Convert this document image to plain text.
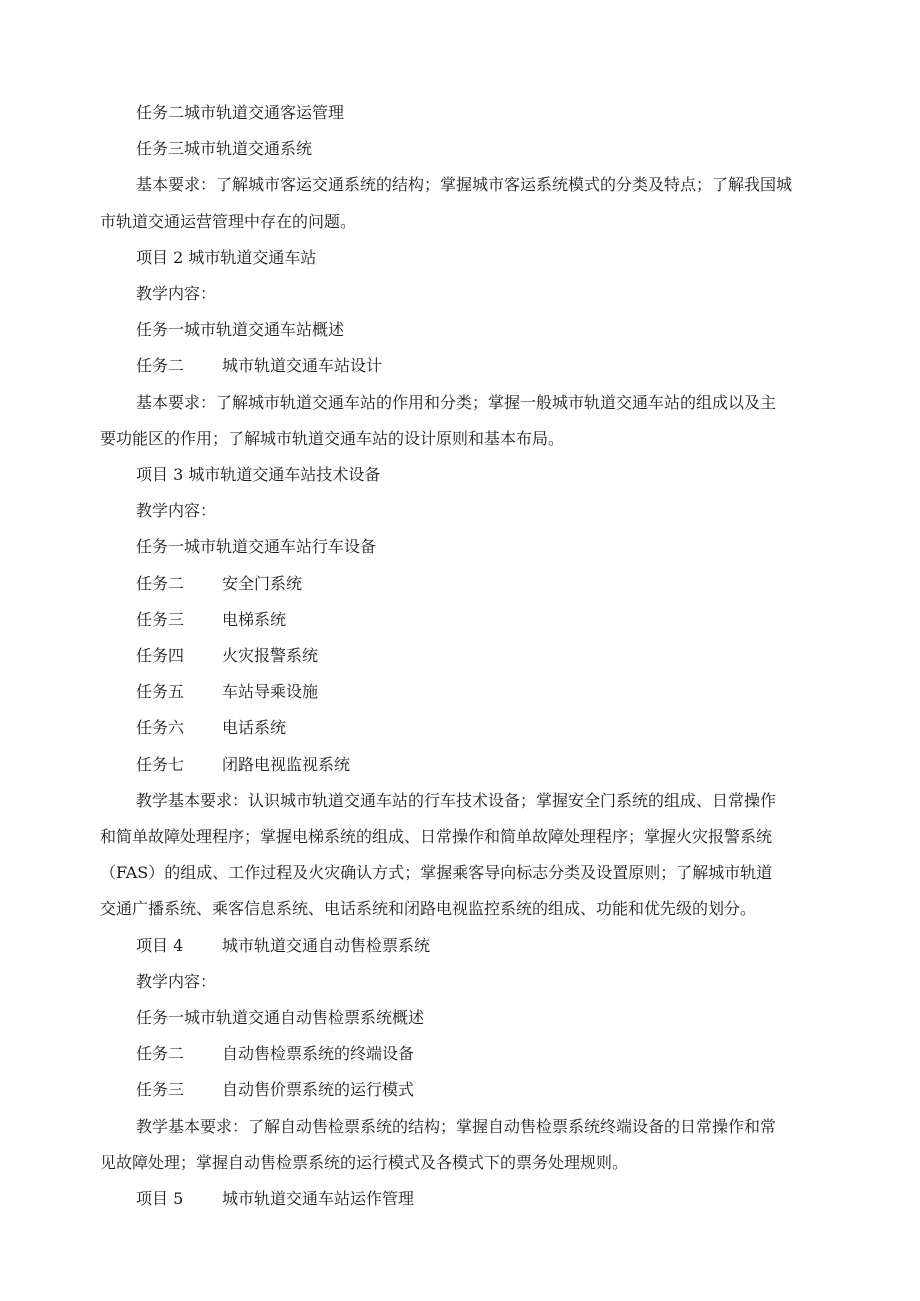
任务二城市轨道交通客运管理
任务三城市轨道交通系统
基本要求：了解城市客运交通系统的结构；掌握城市客运系统模式的分类及特点；了解我国城
市轨道交通运营管理中存在的问题。
项目 2 城市轨道交通车站
教学内容：
任务一城市轨道交通车站概述
任务二 城市轨道交通车站设计
基本要求：了解城市轨道交通车站的作用和分类；掌握一般城市轨道交通车站的组成以及主
要功能区的作用；了解城市轨道交通车站的设计原则和基本布局。
项目 3 城市轨道交通车站技术设备
教学内容：
任务一城市轨道交通车站行车设备
任务二 安全门系统
任务三 电梯系统
任务四 火灾报警系统
任务五 车站导乘设施
任务六 电话系统
任务七 闭路电视监视系统
教学基本要求：认识城市轨道交通车站的行车技术设备；掌握安全门系统的组成、日常操作
和简单故障处理程序；掌握电梯系统的组成、日常操作和简单故障处理程序；掌握火灾报警系统
（FAS）的组成、工作过程及火灾确认方式；掌握乘客导向标志分类及设置原则；了解城市轨道
交通广播系统、乘客信息系统、电话系统和闭路电视监控系统的组成、功能和优先级的划分。
项目 4 城市轨道交通自动售检票系统
教学内容：
任务一城市轨道交通自动售检票系统概述
任务二 自动售检票系统的终端设备
任务三 自动售价票系统的运行模式
教学基本要求：了解自动售检票系统的结构；掌握自动售检票系统终端设备的日常操作和常
见故障处理；掌握自动售检票系统的运行模式及各模式下的票务处理规则。
项目 5 城市轨道交通车站运作管理
